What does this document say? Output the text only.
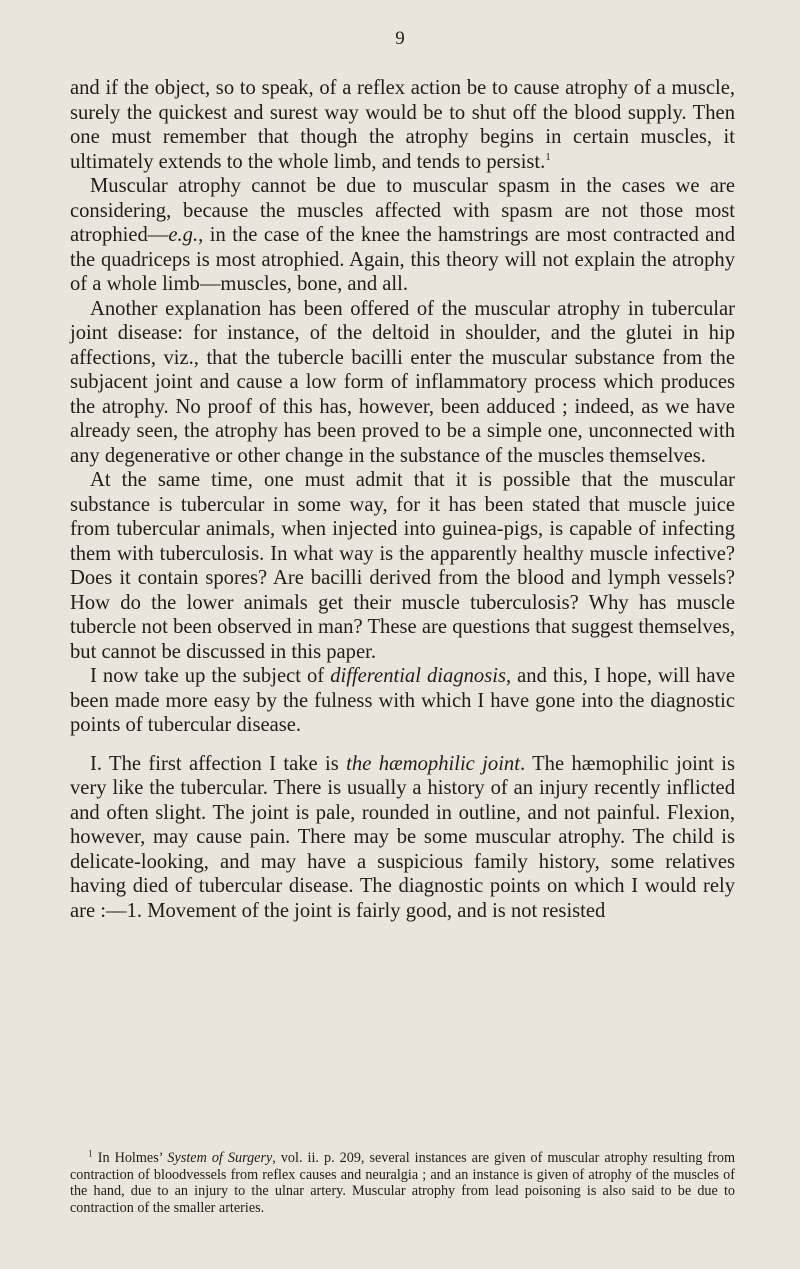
9

and if the object, so to speak, of a reflex action be to cause atrophy of a muscle, surely the quickest and surest way would be to shut off the blood supply. Then one must remember that though the atrophy begins in certain muscles, it ultimately extends to the whole limb, and tends to persist.$^1$

Muscular atrophy cannot be due to muscular spasm in the cases we are considering, because the muscles affected with spasm are not those most atrophied—e.g., in the case of the knee the hamstrings are most contracted and the quadriceps is most atrophied. Again, this theory will not explain the atrophy of a whole limb—muscles, bone, and all.

Another explanation has been offered of the muscular atrophy in tubercular joint disease: for instance, of the deltoid in shoulder, and the glutei in hip affections, viz., that the tubercle bacilli enter the muscular substance from the subjacent joint and cause a low form of inflammatory process which produces the atrophy. No proof of this has, however, been adduced ; indeed, as we have already seen, the atrophy has been proved to be a simple one, unconnected with any degenerative or other change in the substance of the muscles themselves.

At the same time, one must admit that it is possible that the muscular substance is tubercular in some way, for it has been stated that muscle juice from tubercular animals, when injected into guinea-pigs, is capable of infecting them with tuberculosis. In what way is the apparently healthy muscle infective? Does it contain spores? Are bacilli derived from the blood and lymph vessels? How do the lower animals get their muscle tuberculosis? Why has muscle tubercle not been observed in man? These are questions that suggest themselves, but cannot be discussed in this paper.

I now take up the subject of differential diagnosis, and this, I hope, will have been made more easy by the fulness with which I have gone into the diagnostic points of tubercular disease.

I. The first affection I take is the hæmophilic joint. The hæmophilic joint is very like the tubercular. There is usually a history of an injury recently inflicted and often slight. The joint is pale, rounded in outline, and not painful. Flexion, however, may cause pain. There may be some muscular atrophy. The child is delicate-looking, and may have a suspicious family history, some relatives having died of tubercular disease. The diagnostic points on which I would rely are :—1. Movement of the joint is fairly good, and is not resisted

$^1$ In Holmes’ System of Surgery, vol. ii. p. 209, several instances are given of muscular atrophy resulting from contraction of bloodvessels from reflex causes and neuralgia ; and an instance is given of atrophy of the muscles of the hand, due to an injury to the ulnar artery. Muscular atrophy from lead poisoning is also said to be due to contraction of the smaller arteries.
